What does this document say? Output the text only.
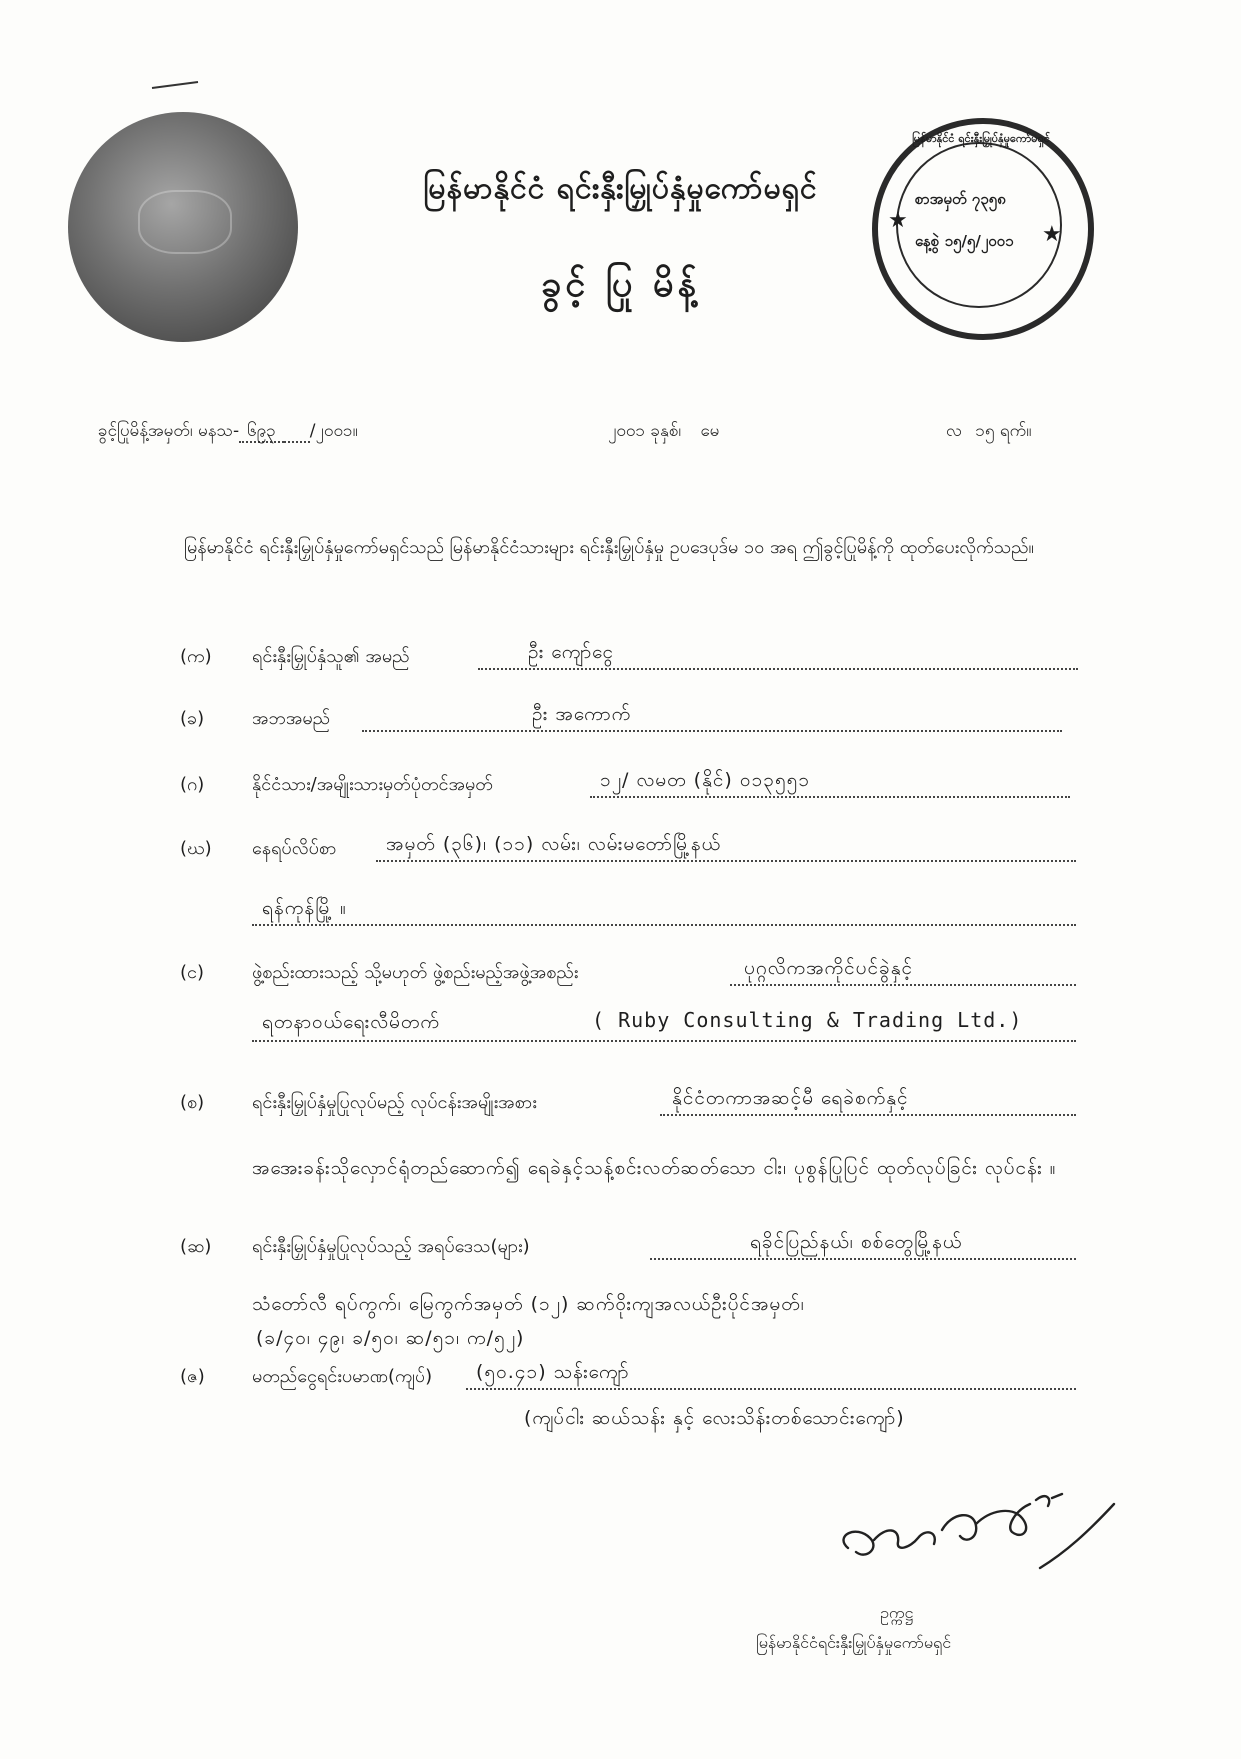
မြန်မာနိုင်ငံ ရင်းနှီးမြှုပ်နှံမှုကော်မရှင်
စာအမှတ် ၇၃၅၈
နေ့စွဲ ၁၅/၅/၂၀၀၁
★
★
မြန်မာနိုင်ငံ ရင်းနှီးမြှုပ်နှံမှုကော်မရှင်
ခွင့် ပြု မိန့်
ခွင့်ပြုမိန့်အမှတ်၊ မနသ- ၆၉၃ /၂၀၀၁။	၂၀၀၁ ခုနှစ်၊ မေ	လ ၁၅ ရက်။
မြန်မာနိုင်ငံ ရင်းနှီးမြှုပ်နှံမှုကော်မရှင်သည် မြန်မာနိုင်ငံသားများ ရင်းနှီးမြှုပ်နှံမှု ဥပဒေပုဒ်မ ၁၀ အရ ဤခွင့်ပြုမိန့်ကို ထုတ်ပေးလိုက်သည်။
(က) ရင်းနှီးမြှုပ်နှံသူ၏ အမည်	ဦး ကျော်ငွေ
(ခ)	အဘအမည်	ဦး အကောက်
(ဂ)	နိုင်ငံသား/အမျိုးသားမှတ်ပုံတင်အမှတ်	၁၂/ လမတ (နိုင်) ၀၁၃၅၅၁
(ဃ) နေရပ်လိပ်စာ	အမှတ် (၃၆)၊ (၁၁) လမ်း၊ လမ်းမတော်မြို့နယ်
ရန်ကုန်မြို့ ။
(င)	ဖွဲ့စည်းထားသည့် သို့မဟုတ် ဖွဲ့စည်းမည့်အဖွဲ့အစည်း	ပုဂ္ဂလိကအကိုင်ပင်ခွဲနှင့်
ရတနာဝယ်ရေးလီမိတက်	( Ruby Consulting & Trading Ltd.)
(စ)	ရင်းနှီးမြှုပ်နှံမှုပြုလုပ်မည့် လုပ်ငန်းအမျိုးအစား	နိုင်ငံတကာအဆင့်မီ ရေခဲစက်နှင့်
အအေးခန်းသိုလှောင်ရုံတည်ဆောက်၍ ရေခဲနှင့်သန့်စင်းလတ်ဆတ်သော ငါး၊ ပုစွန်ပြုပြင် ထုတ်လုပ်ခြင်း လုပ်ငန်း ။
(ဆ) ရင်းနှီးမြှုပ်နှံမှုပြုလုပ်သည့် အရပ်ဒေသ(များ)	ရခိုင်ပြည်နယ်၊ စစ်တွေမြို့နယ်
သံတော်လီ ရပ်ကွက်၊ မြေကွက်အမှတ် (၁၂) ဆက်ဝိုးကျအလယ်ဦးပိုင်အမှတ်၊
(ခ/၄၀၊ ၄၉၊ ခ/၅၀၊ ဆ/၅၁၊ က/၅၂)
(ဇ)	မတည်ငွေရင်းပမာဏ(ကျပ်)	(၅၀.၄၁) သန်းကျော်
(ကျပ်ငါး ဆယ်သန်း နှင့် လေးသိန်းတစ်သောင်းကျော်)
ဥက္ကဋ္ဌ
မြန်မာနိုင်ငံရင်းနှီးမြှုပ်နှံမှုကော်မရှင်
